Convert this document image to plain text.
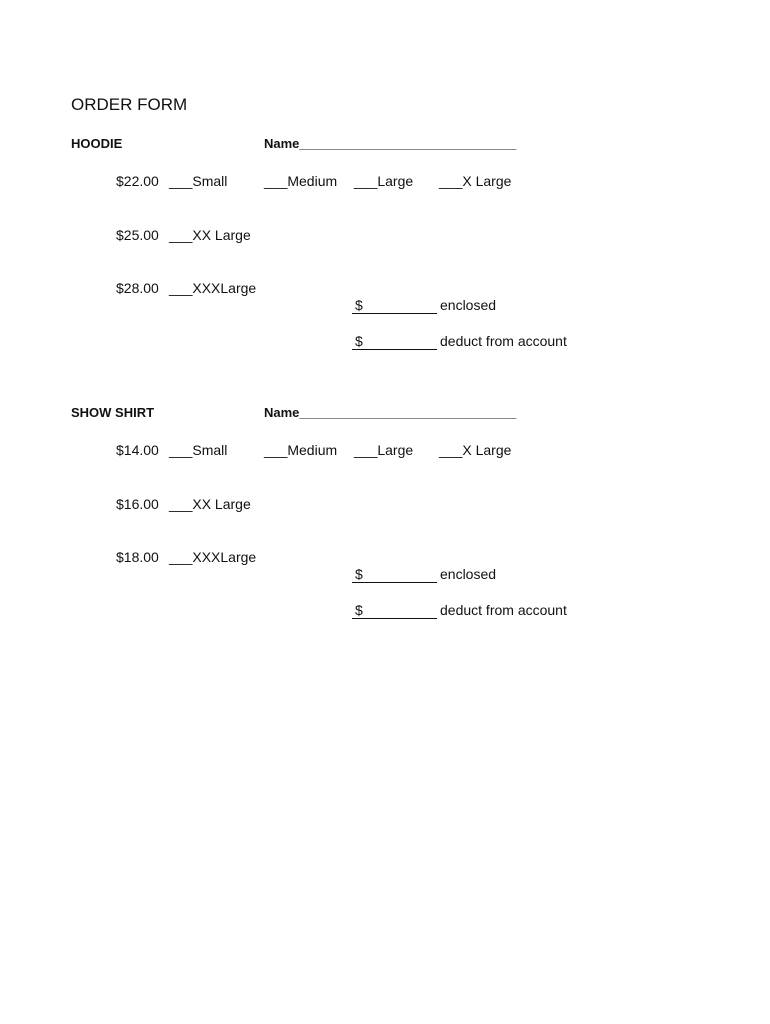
ORDER FORM
HOODIE	Name______________________________
$22.00 ___Small	___Medium ___Large ___X Large
$25.00 ___XX Large
$28.00 ___XXXLarge
$	enclosed
$	deduct from account
SHOW SHIRT	Name______________________________
$14.00 ___Small	___Medium ___Large ___X Large
$16.00 ___XX Large
$18.00 ___XXXLarge
$	enclosed
$	deduct from account
